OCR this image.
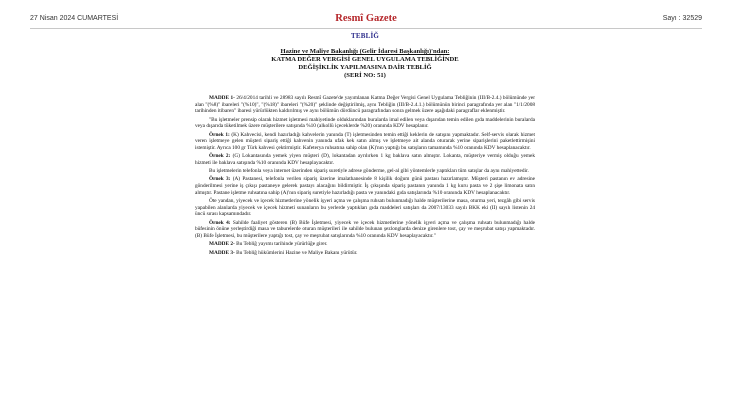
27 Nisan 2024 CUMARTESİ	Resmî Gazete	Sayı : 32529
TEBLİĞ
Hazine ve Maliye Bakanlığı (Gelir İdaresi Başkanlığı)'ndan:
KATMA DEĞER VERGİSİ GENEL UYGULAMA TEBLİĞİNDE
DEĞİŞİKLİK YAPILMASINA DAİR TEBLİĞ
(SERİ NO: 51)

MADDE 1- 26/4/2014 tarihli ve 28983 sayılı Resmî Gazete'de yayımlanan Katma Değer Vergisi Genel Uygulama Tebliğinin (III/B-2.4.) bölümünde yer alan "(%8)" ibareleri "(%10)", "(%18)" ibareleri "(%20)" şeklinde değiştirilmiş, aynı Tebliğin (III/B-2.4.1.) bölümünün birinci paragrafında yer alan "1/1/2008 tarihinden itibaren" ibaresi yürürlükten kaldırılmış ve aynı bölümün dördüncü paragrafından sonra gelmek üzere aşağıdaki paragraflar eklenmiştir.

"Bu işletmeler prensip olarak hizmet işletmesi mahiyetinde olduklarından buralarda imal edilen veya dışarıdan temin edilen gıda maddelerinin buralarda veya dışarıda tüketilmek üzere müşterilere satışında %10 (alkollü içeceklerde %20) oranında KDV hesaplanır.

Örnek 1: (K) Kahvecisi, kendi hazırladığı kahvelerin yanında (T) işletmesinden temin ettiği keklerin de satışını yapmaktadır. Self-servis olarak hizmet veren işletmeye gelen müşteri sipariş ettiği kahvenin yanında ufak kek satın almış ve işletmeye ait alanda oturarak yerine siparişlerini paketlettirmişini istemiştir. Ayrıca 100 gr Türk kahvesi çektirmiştir. Kafeterya ruhsatına sahip olan (K)'nın yaptığı bu satışların tamamında %10 oranında KDV hesaplanacaktır.

Örnek 2: (G) Lokantasında yemek yiyen müşteri (D), lokantadan ayrılırken 1 kg baklava satın almıştır. Lokanta, müşteriye vermiş olduğu yemek hizmeti ile baklava satışında %10 oranında KDV hesaplayacaktır.

Bu işletmelerin telefonla veya internet üzerinden sipariş suretiyle adrese gönderme, gel-al gibi yöntemlerle yaptıkları tüm satışlar da aynı mahiyettedir.

Örnek 3: (A) Pastanesi, telefonla verilen sipariş üzerine imalathanesinde 8 kişilik doğum günü pastası hazırlamıştır. Müşteri pastanın ev adresine gönderilmesi yerine iş çıkışı pastaneye gelerek pastayı alacağını bildirmiştir. İş çıkışında sipariş pastanın yanında 1 kg kuru pasta ve 2 şişe limonata satın almıştır. Pastane işletme ruhsatına sahip (A)'nın sipariş suretiyle hazırladığı pasta ve yanındaki gıda satışlarında %10 oranında KDV hesaplanacaktır.

Öte yandan, yiyecek ve içecek hizmetlerine yönelik işyeri açma ve çalışma ruhsatı bulunmadığı halde müşterilerine masa, oturma yeri, tezgâh gibi servis yapabilen alanlarda yiyecek ve içecek hizmeti sunanların bu yerlerde yaptıkları gıda maddeleri satışları da 2007/13033 sayılı BKK eki (II) sayılı listenin 24 üncü sırası kapsamındadır.

Örnek 4: Sahilde faaliyet gösteren (B) Büfe İşletmesi, yiyecek ve içecek hizmetlerine yönelik işyeri açma ve çalışma ruhsatı bulunmadığı halde büfesinin önüne yerleştirdiği masa ve taburelerde oturan müşterileri ile sahilde bulunan şezlonglarda denize girenlere tost, çay ve meşrubat satışı yapmaktadır. (B) Büfe İşletmesi, bu müşterilere yaptığı tost, çay ve meşrubat satışlarında %10 oranında KDV hesaplayacaktır."

MADDE 2- Bu Tebliğ yayımı tarihinde yürürlüğe girer.

MADDE 3- Bu Tebliğ hükümlerini Hazine ve Maliye Bakanı yürütür.
